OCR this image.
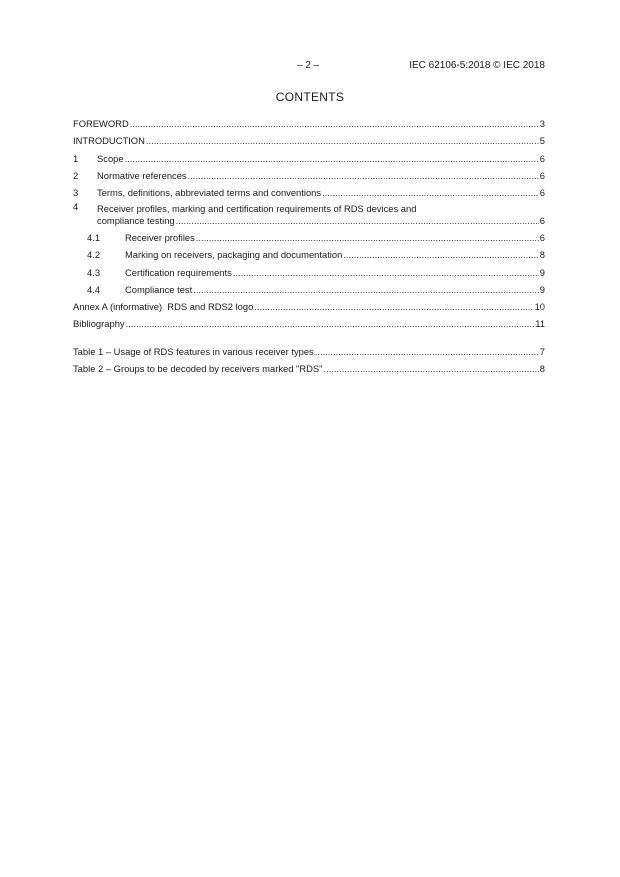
– 2 –	IEC 62106-5:2018 © IEC 2018
CONTENTS
FOREWORD .....	3
INTRODUCTION .....	5
1	Scope .....	6
2	Normative references .....	6
3	Terms, definitions, abbreviated terms and conventions .....	6
4	Receiver profiles, marking and certification requirements of RDS devices and
compliance testing .....	6
4.1	Receiver profiles .....	6
4.2	Marking on receivers, packaging and documentation .....	8
4.3	Certification requirements .....	9
4.4	Compliance test .....	9
Annex A (informative)  RDS and RDS2 logo .....	10
Bibliography .....	11
Table 1 – Usage of RDS features in various receiver types .....	7
Table 2 – Groups to be decoded by receivers marked "RDS" .....	8
